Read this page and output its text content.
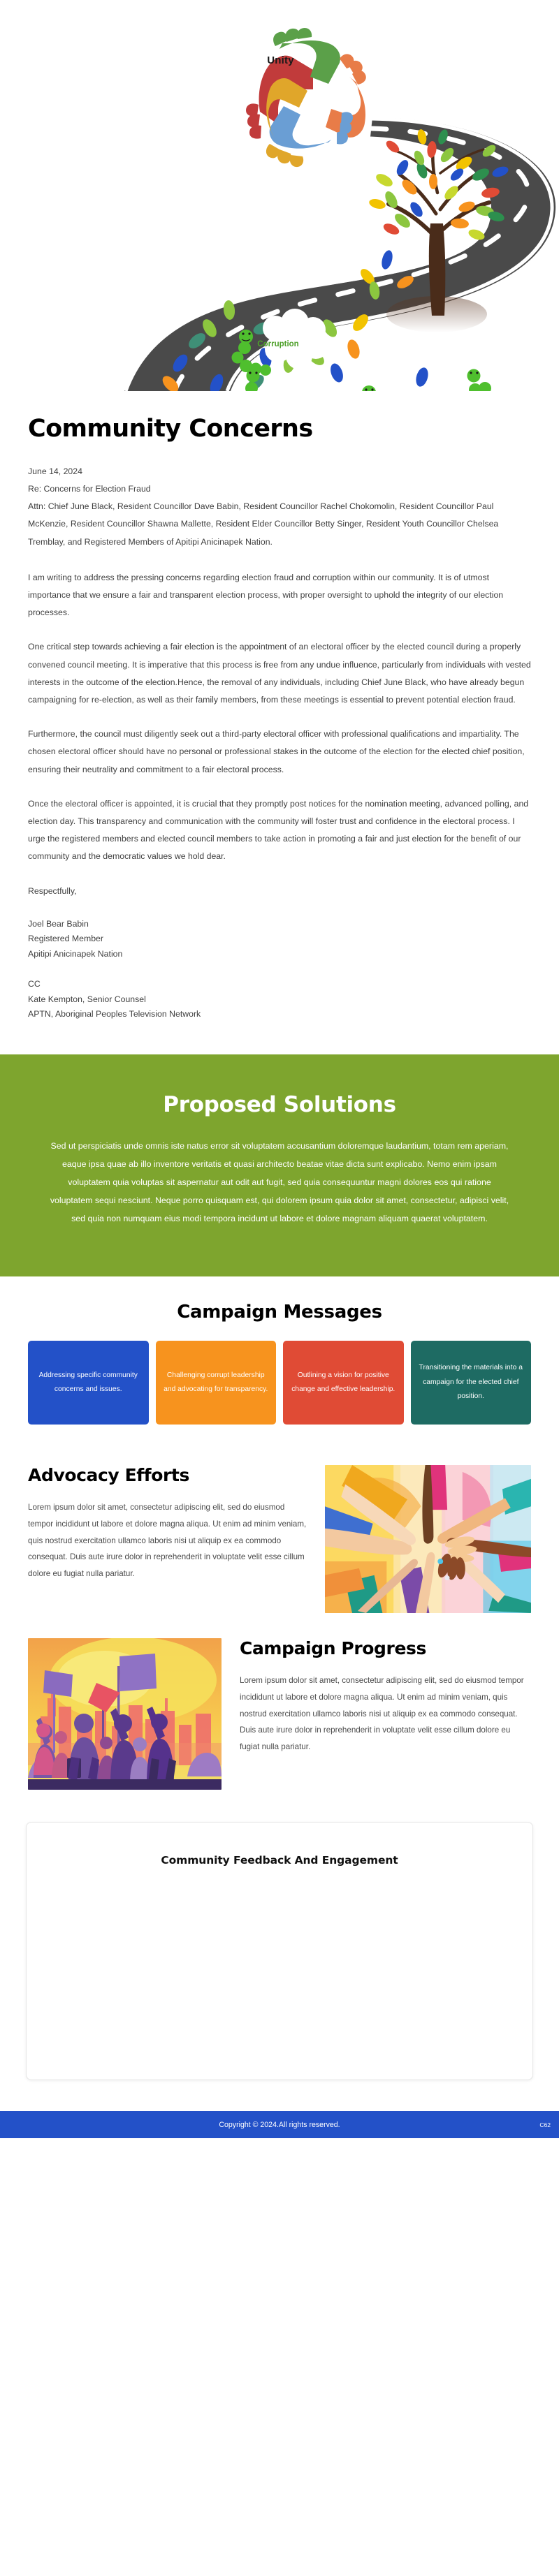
Unity
Corruption
Community Concerns

June 14, 2024
Re: Concerns for Election Fraud
Attn: Chief June Black, Resident Councillor Dave Babin, Resident Councillor Rachel Chokomolin, Resident Councillor Paul McKenzie, Resident Councillor Shawna Mallette, Resident Elder Councillor Betty Singer, Resident Youth Councillor Chelsea Tremblay, and Registered Members of Apitipi Anicinapek Nation.

I am writing to address the pressing concerns regarding election fraud and corruption within our community. It is of utmost importance that we ensure a fair and transparent election process, with proper oversight to uphold the integrity of our election processes.

One critical step towards achieving a fair election is the appointment of an electoral officer by the elected council during a properly convened council meeting. It is imperative that this process is free from any undue influence, particularly from individuals with vested interests in the outcome of the election.Hence, the removal of any individuals, including Chief June Black, who have already begun campaigning for re-election, as well as their family members, from these meetings is essential to prevent potential election fraud.

Furthermore, the council must diligently seek out a third-party electoral officer with professional qualifications and impartiality. The chosen electoral officer should have no personal or professional stakes in the outcome of the election for the elected chief position, ensuring their neutrality and commitment to a fair electoral process.

Once the electoral officer is appointed, it is crucial that they promptly post notices for the nomination meeting, advanced polling, and election day. This transparency and communication with the community will foster trust and confidence in the electoral process. I urge the registered members and elected council members to take action in promoting a fair and just election for the benefit of our community and the democratic values we hold dear.

Respectfully,

Joel Bear Babin
Registered Member
Apitipi Anicinapek Nation

CC
Kate Kempton, Senior Counsel
APTN, Aboriginal Peoples Television Network

Proposed Solutions

Sed ut perspiciatis unde omnis iste natus error sit voluptatem accusantium doloremque laudantium, totam rem aperiam, eaque ipsa quae ab illo inventore veritatis et quasi architecto beatae vitae dicta sunt explicabo. Nemo enim ipsam voluptatem quia voluptas sit aspernatur aut odit aut fugit, sed quia consequuntur magni dolores eos qui ratione voluptatem sequi nesciunt. Neque porro quisquam est, qui dolorem ipsum quia dolor sit amet, consectetur, adipisci velit, sed quia non numquam eius modi tempora incidunt ut labore et dolore magnam aliquam quaerat voluptatem.

Campaign Messages
Addressing specific community concerns and issues.
Challenging corrupt leadership and advocating for transparency.
Outlining a vision for positive change and effective leadership.
Transitioning the materials into a campaign for the elected chief position.
Advocacy Efforts

Lorem ipsum dolor sit amet, consectetur adipiscing elit, sed do eiusmod tempor incididunt ut labore et dolore magna aliqua. Ut enim ad minim veniam, quis nostrud exercitation ullamco laboris nisi ut aliquip ex ea commodo consequat. Duis aute irure dolor in reprehenderit in voluptate velit esse cillum dolore eu fugiat nulla pariatur.

Campaign Progress

Lorem ipsum dolor sit amet, consectetur adipiscing elit, sed do eiusmod tempor incididunt ut labore et dolore magna aliqua. Ut enim ad minim veniam, quis nostrud exercitation ullamco laboris nisi ut aliquip ex ea commodo consequat. Duis aute irure dolor in reprehenderit in voluptate velit esse cillum dolore eu fugiat nulla pariatur.

Community Feedback And Engagement
Copyright © 2024.All rights reserved.	C62
